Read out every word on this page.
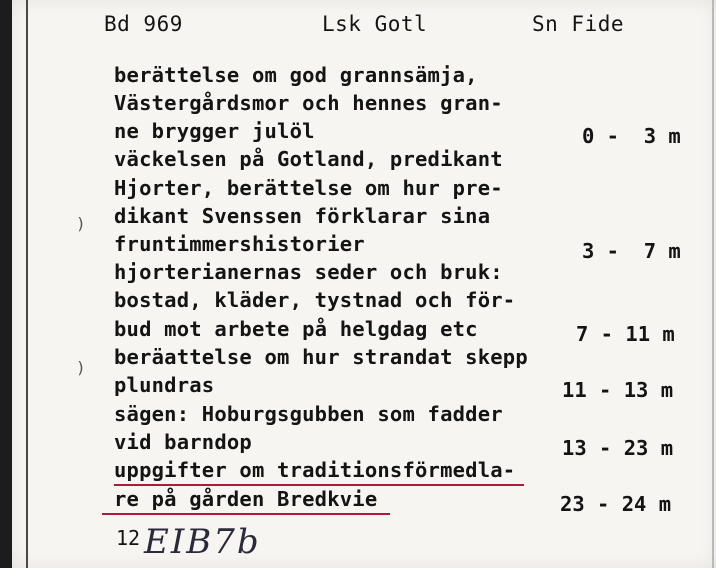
Bd 969	Lsk Gotl	Sn Fide
berättelse om god grannsämja,
Västergårdsmor och hennes gran-
ne brygger julöl
väckelsen på Gotland, predikant
Hjorter, berättelse om hur pre-
dikant Svenssen förklarar sina
fruntimmershistorier
hjorterianernas seder och bruk:
bostad, kläder, tystnad och för-
bud mot arbete på helgdag etc
beräattelse om hur strandat skepp
plundras
sägen: Hoburgsgubben som fadder
vid barndop
uppgifter om traditionsförmedla-
re på gården Bredkvie
0 -  3 m
3 -  7 m
7 - 11 m
11 - 13 m
13 - 23 m
23 - 24 m
)
)
12 EIB7b
